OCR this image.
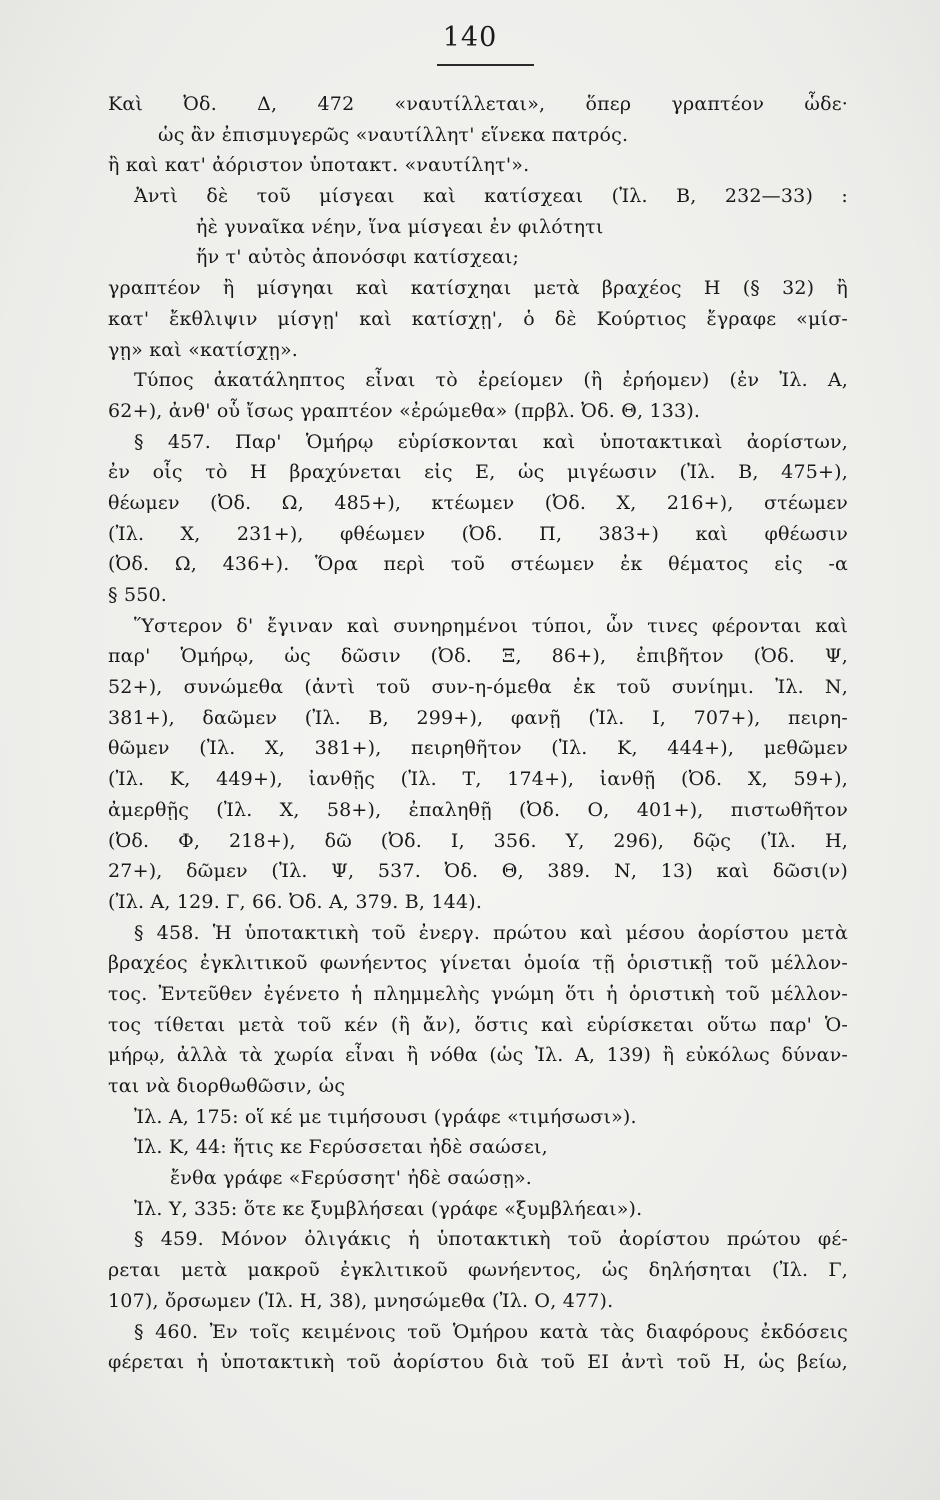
140
Καὶ Ὀδ. Δ, 472 «ναυτίλλεται», ὅπερ γραπτέον ὧδε·
ὡς ἂν ἐπισμυγερῶς «ναυτίλλητ' εἵνεκα πατρός.
ἢ καὶ κατ' ἀόριστον ὑποτακτ. «ναυτίλητ'».
Ἀντὶ δὲ τοῦ μίσγεαι καὶ κατίσχεαι (Ἰλ. Β, 232—33) :
ἠὲ γυναῖκα νέην, ἵνα μίσγεαι ἐν φιλότητι
ἥν τ' αὐτὸς ἀπονόσφι κατίσχεαι;
γραπτέον ἢ μίσγηαι καὶ κατίσχηαι μετὰ βραχέος Η (§ 32) ἢ
κατ' ἔκθλιψιν μίσγῃ' καὶ κατίσχῃ', ὁ δὲ Κούρτιος ἔγραφε «μίσ-
γῃ» καὶ «κατίσχῃ».
Τύπος ἀκατάληπτος εἶναι τὸ ἐρείομεν (ἢ ἐρήομεν) (ἐν Ἰλ. Α,
62+), ἀνθ' οὗ ἴσως γραπτέον «ἐρώμεθα» (πρβλ. Ὀδ. Θ, 133).
§ 457. Παρ' Ὁμήρῳ εὑρίσκονται καὶ ὑποτακτικαὶ ἀορίστων,
ἐν οἷς τὸ Η βραχύνεται εἰς Ε, ὡς μιγέωσιν (Ἰλ. Β, 475+),
θέωμεν (Ὀδ. Ω, 485+), κτέωμεν (Ὀδ. Χ, 216+), στέωμεν
(Ἰλ. Χ, 231+), φθέωμεν (Ὀδ. Π, 383+) καὶ φθέωσιν
(Ὀδ. Ω, 436+). Ὅρα περὶ τοῦ στέωμεν ἐκ θέματος εἰς -α
§ 550.
Ὕστερον δ' ἔγιναν καὶ συνηρημένοι τύποι, ὧν τινες φέρονται καὶ
παρ' Ὁμήρῳ, ὡς δῶσιν (Ὀδ. Ξ, 86+), ἐπιβῆτον (Ὀδ. Ψ,
52+), συνώμεθα (ἀντὶ τοῦ συν-η-όμεθα ἐκ τοῦ συνίημι. Ἰλ. Ν,
381+), δαῶμεν (Ἰλ. Β, 299+), φανῇ (Ἰλ. Ι, 707+), πειρη-
θῶμεν (Ἰλ. Χ, 381+), πειρηθῆτον (Ἰλ. Κ, 444+), μεθῶμεν
(Ἰλ. Κ, 449+), ἰανθῇς (Ἰλ. Τ, 174+), ἰανθῇ (Ὀδ. Χ, 59+),
ἀμερθῇς (Ἰλ. Χ, 58+), ἐπαληθῇ (Ὀδ. Ο, 401+), πιστωθῆτον
(Ὀδ. Φ, 218+), δῶ (Ὀδ. Ι, 356. Υ, 296), δῷς (Ἰλ. Η,
27+), δῶμεν (Ἰλ. Ψ, 537. Ὀδ. Θ, 389. Ν, 13) καὶ δῶσι(ν)
(Ἰλ. Α, 129. Γ, 66. Ὀδ. Α, 379. Β, 144).
§ 458. Ἡ ὑποτακτικὴ τοῦ ἐνεργ. πρώτου καὶ μέσου ἀορίστου μετὰ
βραχέος ἐγκλιτικοῦ φωνήεντος γίνεται ὁμοία τῇ ὁριστικῇ τοῦ μέλλον-
τος. Ἐντεῦθεν ἐγένετο ἡ πλημμελὴς γνώμη ὅτι ἡ ὁριστικὴ τοῦ μέλλον-
τος τίθεται μετὰ τοῦ κέν (ἢ ἄν), ὅστις καὶ εὑρίσκεται οὕτω παρ' Ὁ-
μήρῳ, ἀλλὰ τὰ χωρία εἶναι ἢ νόθα (ὡς Ἰλ. Α, 139) ἢ εὐκόλως δύναν-
ται νὰ διορθωθῶσιν, ὡς
Ἰλ. Α, 175: οἵ κέ με τιμήσουσι (γράφε «τιμήσωσι»).
Ἰλ. Κ, 44: ἥτις κε Ϝερύσσεται ἠδὲ σαώσει,
ἔνθα γράφε «Ϝερύσσητ' ἠδὲ σαώσῃ».
Ἰλ. Υ, 335: ὅτε κε ξυμβλήσεαι (γράφε «ξυμβλήεαι»).
§ 459. Μόνον ὀλιγάκις ἡ ὑποτακτικὴ τοῦ ἀορίστου πρώτου φέ-
ρεται μετὰ μακροῦ ἐγκλιτικοῦ φωνήεντος, ὡς δηλήσηται (Ἰλ. Γ,
107), ὄρσωμεν (Ἰλ. Η, 38), μνησώμεθα (Ἰλ. Ο, 477).
§ 460. Ἐν τοῖς κειμένοις τοῦ Ὁμήρου κατὰ τὰς διαφόρους ἐκδόσεις
φέρεται ἡ ὑποτακτικὴ τοῦ ἀορίστου διὰ τοῦ ΕΙ ἀντὶ τοῦ Η, ὡς βείω,
